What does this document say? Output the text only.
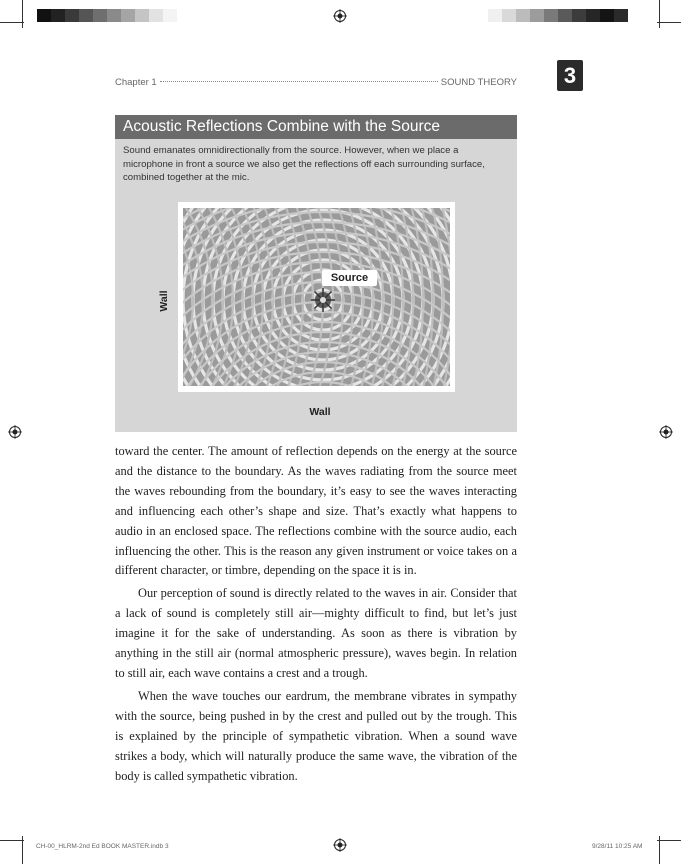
Chapter 1	SOUND THEORY	3
Acoustic Reflections Combine with the Source
Sound emanates omnidirectionally from the source. However, when we place a microphone in front a source we also get the reflections off each surrounding surface, combined together at the mic.
Source
Wall
Wall

toward the center. The amount of reflection depends on the energy at the source and the distance to the boundary. As the waves radiating from the source meet the waves rebounding from the boundary, it’s easy to see the waves interacting and influencing each other’s shape and size. That’s exactly what happens to audio in an enclosed space. The reflections combine with the source audio, each influencing the other. This is the reason any given instrument or voice takes on a different character, or timbre, depending on the space it is in.

Our perception of sound is directly related to the waves in air. Consider that a lack of sound is completely still air—mighty difficult to find, but let’s just imagine it for the sake of understanding. As soon as there is vibration by anything in the still air (normal atmospheric pressure), waves begin. In relation to still air, each wave contains a crest and a trough.

When the wave touches our eardrum, the membrane vibrates in sympathy with the source, being pushed in by the crest and pulled out by the trough. This is explained by the principle of sympathetic vibration. When a sound wave strikes a body, which will naturally produce the same wave, the vibration of the body is called sympathetic vibration.

CH-00_HLRM-2nd Ed BOOK MASTER.indb 3	9/28/11 10:25 AM
